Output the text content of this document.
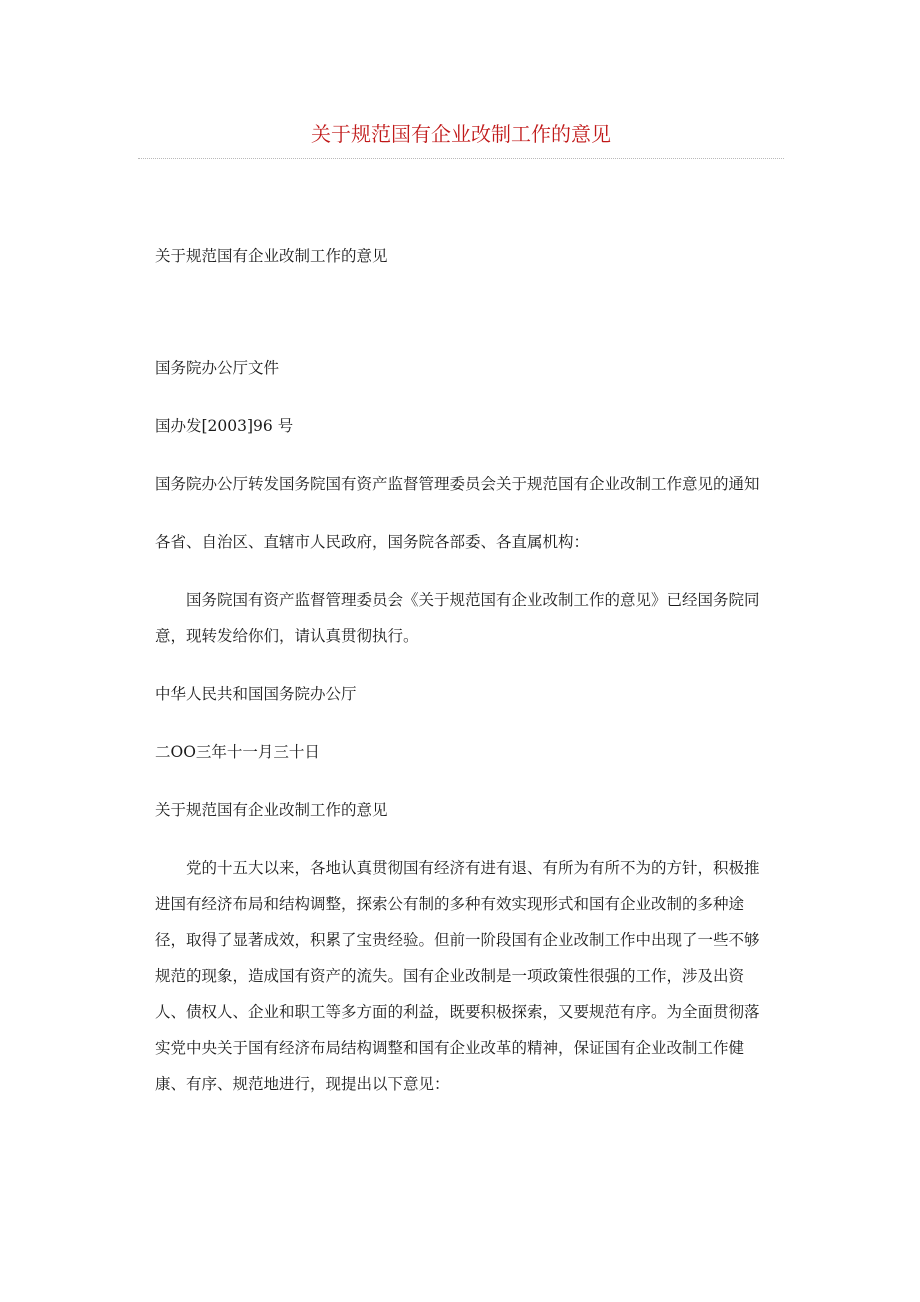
关于规范国有企业改制工作的意见

关于规范国有企业改制工作的意见

国务院办公厅文件

国办发[2003]96 号

国务院办公厅转发国务院国有资产监督管理委员会关于规范国有企业改制工作意见的通知

各省、自治区、直辖市人民政府，国务院各部委、各直属机构：

国务院国有资产监督管理委员会《关于规范国有企业改制工作的意见》已经国务院同意，现转发给你们，请认真贯彻执行。

中华人民共和国国务院办公厅

二OO三年十一月三十日

关于规范国有企业改制工作的意见

党的十五大以来，各地认真贯彻国有经济有进有退、有所为有所不为的方针，积极推进国有经济布局和结构调整，探索公有制的多种有效实现形式和国有企业改制的多种途径，取得了显著成效，积累了宝贵经验。但前一阶段国有企业改制工作中出现了一些不够规范的现象，造成国有资产的流失。国有企业改制是一项政策性很强的工作，涉及出资人、债权人、企业和职工等多方面的利益，既要积极探索，又要规范有序。为全面贯彻落实党中央关于国有经济布局结构调整和国有企业改革的精神，保证国有企业改制工作健康、有序、规范地进行，现提出以下意见：
